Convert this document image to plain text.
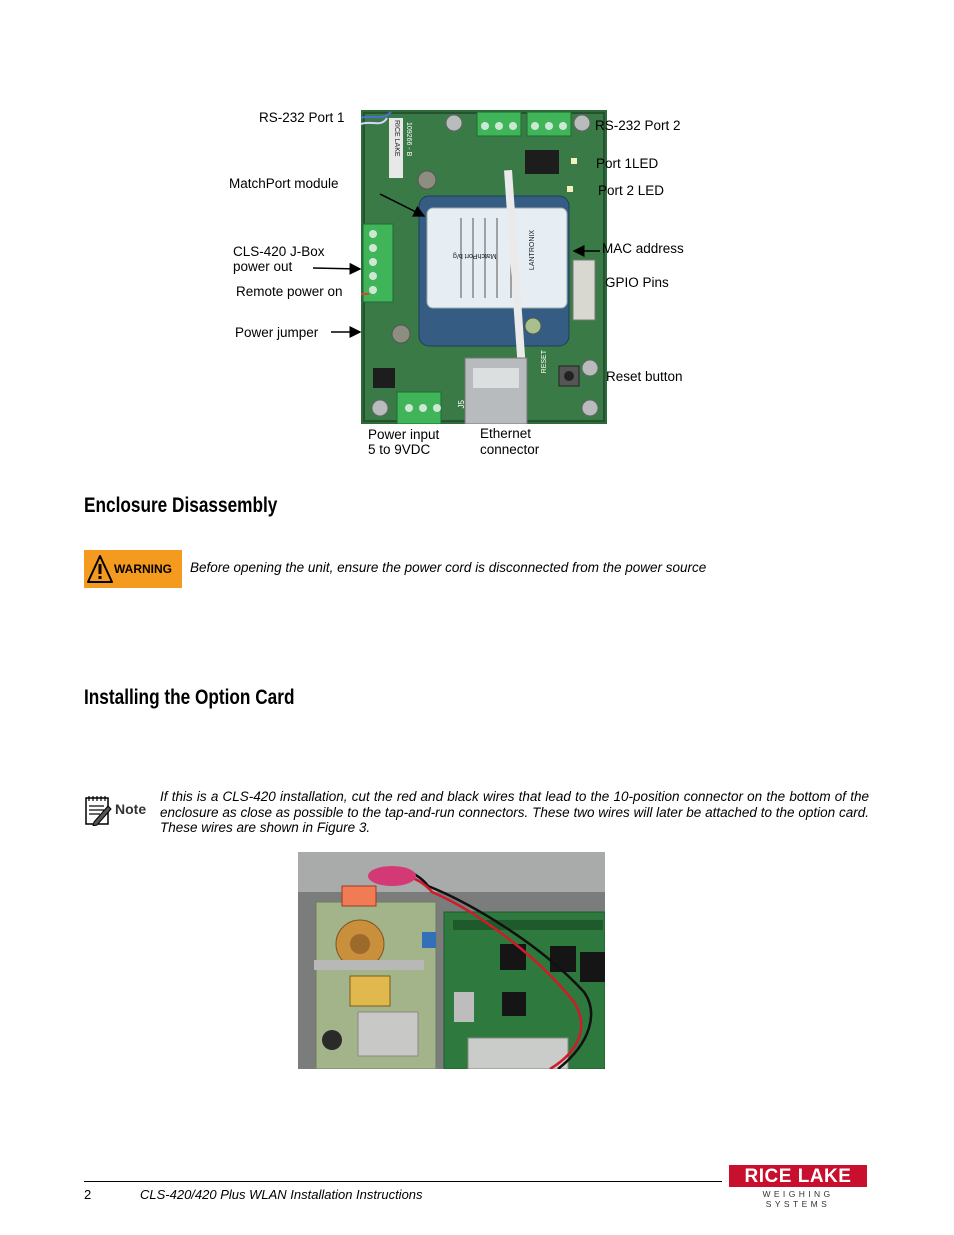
RICE LAKE 109266 - B
MatchPort b/g	LANTRONIX
RESET
J5
RS-232 Port 1
RS-232 Port 2
Port 1LED
Port 2 LED
MatchPort module
MAC address
CLS-420 J-Box
power out
GPIO Pins
Remote power on
Power jumper
Reset button
Power input
5 to 9VDC
Ethernet
connector
Enclosure Disassembly
WARNING Before opening the unit, ensure the power cord is disconnected from the power source
Installing the Option Card
Note
If this is a CLS-420 installation, cut the red and black wires that lead to the 10-position connector on the bottom of the enclosure as close as possible to the tap-and-run connectors. These two wires will later be attached to the option card. These wires are shown in Figure 3.
2	CLS-420/420 Plus WLAN Installation Instructions
RICE LAKE
WEIGHING SYSTEMS
